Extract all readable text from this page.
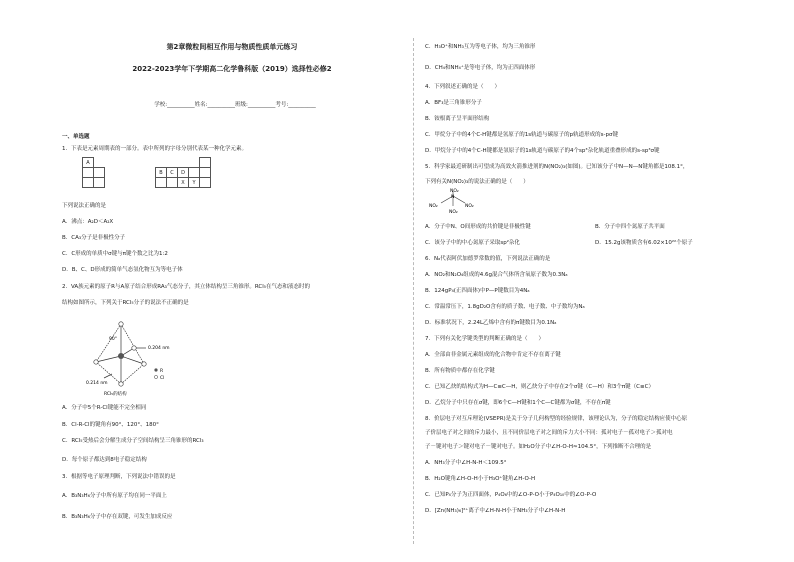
第2章微粒间相互作用与物质性质单元练习
2022-2023学年下学期高二化学鲁科版（2019）选择性必修2
学校:__________姓名:__________班级:__________考号:__________
一、单选题
1．下表是元素周期表的一部分。表中所列的字母分别代表某一种化学元素。
A											
							B	C	D		
									X	Y	
下列说法正确的是
A．沸点：A₂D＜A₂X
B．CA₃分子是非极性分子
C．C形成的单质中σ键与π键个数之比为1:2
D．B、C、D形成的简单气态氢化物互为等电子体
2．VA族元素的原子R与A原子结合形成RA₃气态分子，其立体结构呈三角锥形。RCl₅在气态和液态时的
结构如图所示，下列关于RCl₅分子的说法不正确的是
90°
0.204 nm
0.214 nm
R
Cl
RCl₅的结构
A．分子中5个R-Cl键能不完全相同
B．Cl-R-Cl的键角有90°、120°、180°
C．RCl₅受热后会分解生成分子空间结构呈三角锥形的RCl₃
D．每个原子都达到8电子稳定结构
3．根据等电子原理判断，下列说法中错误的是
A．B₃N₃H₆分子中所有原子均在同一平面上
B．B₃N₃H₆分子中存在双键，可发生加成反应
C．H₃O⁺和NH₃互为等电子体，均为三角锥形
D．CH₄和NH₄⁺是等电子体，均为正四面体形
4．下列叙述正确的是（　　）
A．BF₃是三角锥形分子
B．铵根离子呈平面形结构
C．甲烷分子中的4个C-H键都是氢原子的1s轨道与碳原子的p轨道形成的s-pσ键
D．甲烷分子中的4个C-H键都是氢原子的1s轨道与碳原子的4个sp³杂化轨道重叠形成的s-sp³σ键
5．科学家最近研制出可望成为高效火箭推进剂的N(NO₂)₃(如图)。已知该分子中N—N—N键角都是108.1°，
下列有关N(NO₂)₃的说法正确的是（　　）
NO₂
N
NO₂	NO₂
NO₂
A．分子中N、O间形成的共价键是非极性键	B．分子中四个氮原子共平面
C．该分子中的中心氮原子采取sp²杂化	D．15.2g该物质含有6.02×10²²个原子
6．Nₐ代表阿伏加德罗常数的值，下列说法正确的是
A．NO₂和N₂O₄组成的4.6g混合气体所含氧原子数为0.3Nₐ
B．124gP₄(正四面体)中P—P键数目为4Nₐ
C．常温常压下，1.8gD₂O含有的质子数、电子数、中子数均为Nₐ
D．标准状况下，2.24L乙烯中含有的π键数目为0.1Nₐ
7．下列有关化学键类型的判断正确的是（　　）
A．全部由非金属元素组成的化合物中肯定不存在离子键
B．所有物质中都存在化学键
C．已知乙炔的结构式为H—C≡C—H，则乙炔分子中存在2个σ键（C—H）和3个π键（C≡C）
D．乙烷分子中只存在σ键，即6个C—H键和1个C—C键都为σ键，不存在π键
8．价层电子对互斥理论(VSEPR)是关于分子几何构型的经验规律，该理论认为，分子的稳定结构应使中心原
子价层电子对之间的斥力最小，且不同价层电子对之间的斥力大小不同：孤对电子－孤对电子＞孤对电
子－键对电子＞键对电子－键对电子。如H₂O分子中∠H-O-H≈104.5°，下列推断不合理的是
A．NH₃分子中∠H-N-H＜109.5°
B．H₂O键角∠H-O-H小于H₃O⁺键角∠H-O-H
C．已知P₄分子为正四面体，P₄O₆中的∠O-P-O小于P₄O₁₀中的∠O-P-O
D．[Zn(NH₃)₆]²⁺离子中∠H-N-H小于NH₃分子中∠H-N-H
